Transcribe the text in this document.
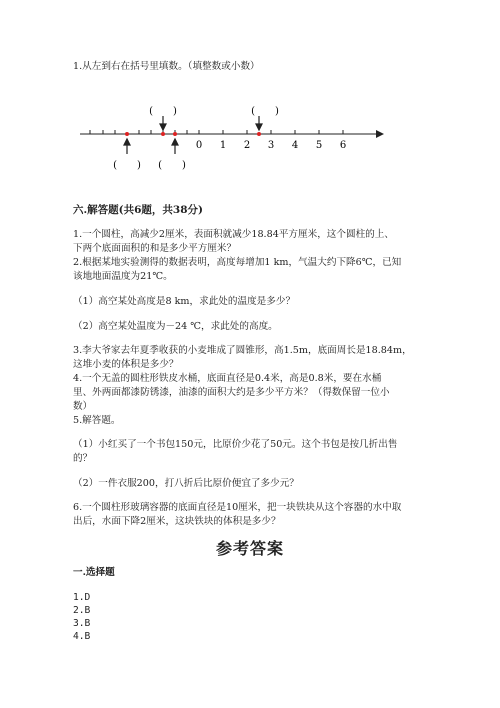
1.从左到右在括号里填数。（填整数或小数）
(　　)	(　　)
(　　) (　　)
0 1 2 3 4 5 6
六.解答题(共6题，共38分)
1.一个圆柱，高减少2厘米，表面积就减少18.84平方厘米，这个圆柱的上、
下两个底面面积的和是多少平方厘米？
2.根据某地实验测得的数据表明，高度每增加1 km，气温大约下降6℃，已知
该地地面温度为21℃。
（1）高空某处高度是8 km，求此处的温度是多少？
（2）高空某处温度为－24 ℃，求此处的高度。
3.李大爷家去年夏季收获的小麦堆成了圆锥形，高1.5m，底面周长是18.84m，
这堆小麦的体积是多少？
4.一个无盖的圆柱形铁皮水桶，底面直径是0.4米，高是0.8米，要在水桶
里、外两面都漆防锈漆，油漆的面积大约是多少平方米？（得数保留一位小
数）
5.解答题。
（1）小红买了一个书包150元，比原价少花了50元。这个书包是按几折出售
的？
（2）一件衣服200，打八折后比原价便宜了多少元？
6.一个圆柱形玻璃容器的底面直径是10厘米，把一块铁块从这个容器的水中取
出后，水面下降2厘米，这块铁块的体积是多少？
参考答案
一.选择题
1.D
2.B
3.B
4.B
